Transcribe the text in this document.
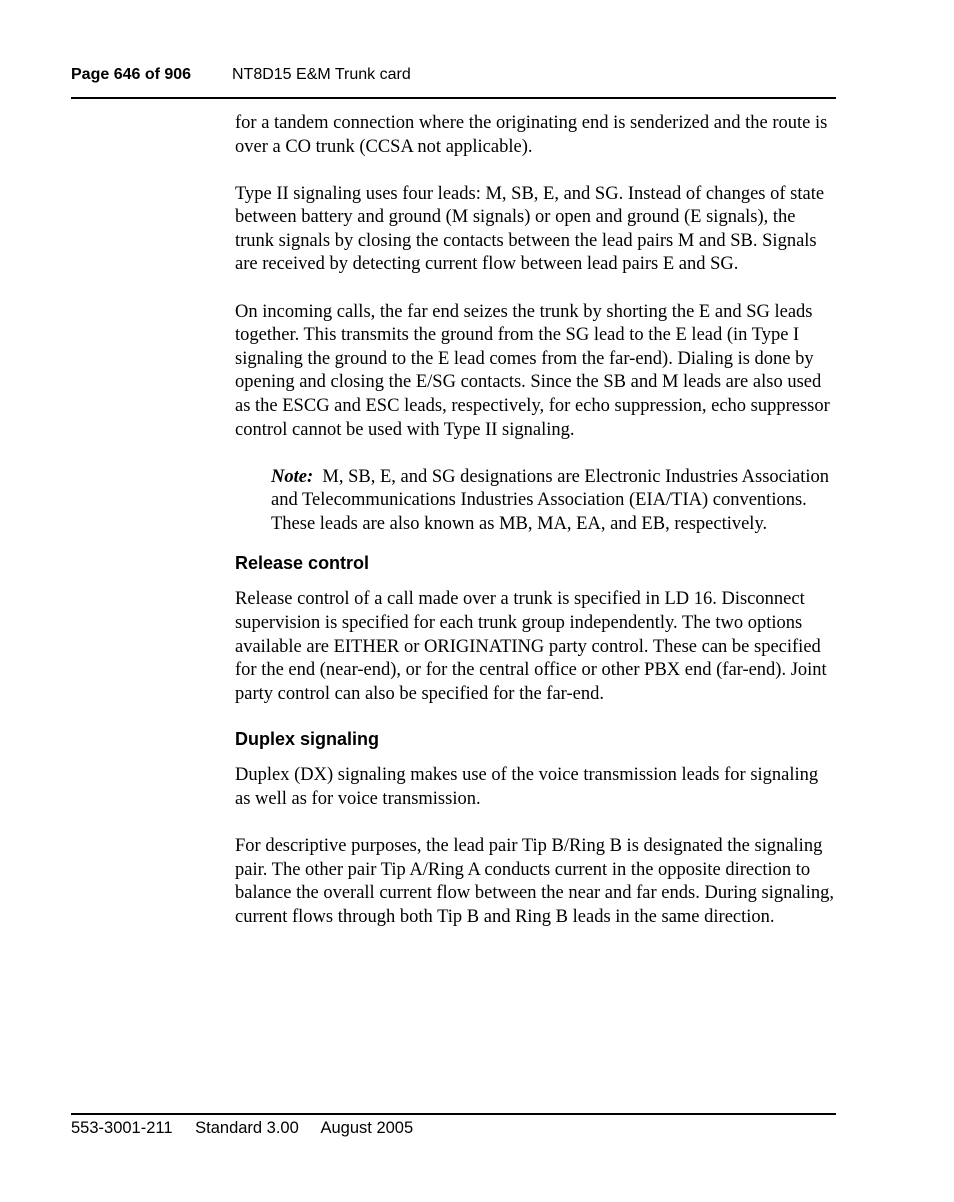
Page 646 of 906	NT8D15 E&M Trunk card

for a tandem connection where the originating end is senderized and the route is over a CO trunk (CCSA not applicable).

Type II signaling uses four leads: M, SB, E, and SG. Instead of changes of state between battery and ground (M signals) or open and ground (E signals), the trunk signals by closing the contacts between the lead pairs M and SB. Signals are received by detecting current flow between lead pairs E and SG.

On incoming calls, the far end seizes the trunk by shorting the E and SG leads together. This transmits the ground from the SG lead to the E lead (in Type I signaling the ground to the E lead comes from the far-end). Dialing is done by opening and closing the E/SG contacts. Since the SB and M leads are also used as the ESCG and ESC leads, respectively, for echo suppression, echo suppressor control cannot be used with Type II signaling.

Note: M, SB, E, and SG designations are Electronic Industries Association and Telecommunications Industries Association (EIA/TIA) conventions. These leads are also known as MB, MA, EA, and EB, respectively.

Release control

Release control of a call made over a trunk is specified in LD 16. Disconnect supervision is specified for each trunk group independently. The two options available are EITHER or ORIGINATING party control. These can be specified for the end (near-end), or for the central office or other PBX end (far-end). Joint party control can also be specified for the far-end.

Duplex signaling

Duplex (DX) signaling makes use of the voice transmission leads for signaling as well as for voice transmission.

For descriptive purposes, the lead pair Tip B/Ring B is designated the signaling pair. The other pair Tip A/Ring A conducts current in the opposite direction to balance the overall current flow between the near and far ends. During signaling, current flows through both Tip B and Ring B leads in the same direction.

553-3001-211 Standard 3.00 August 2005
